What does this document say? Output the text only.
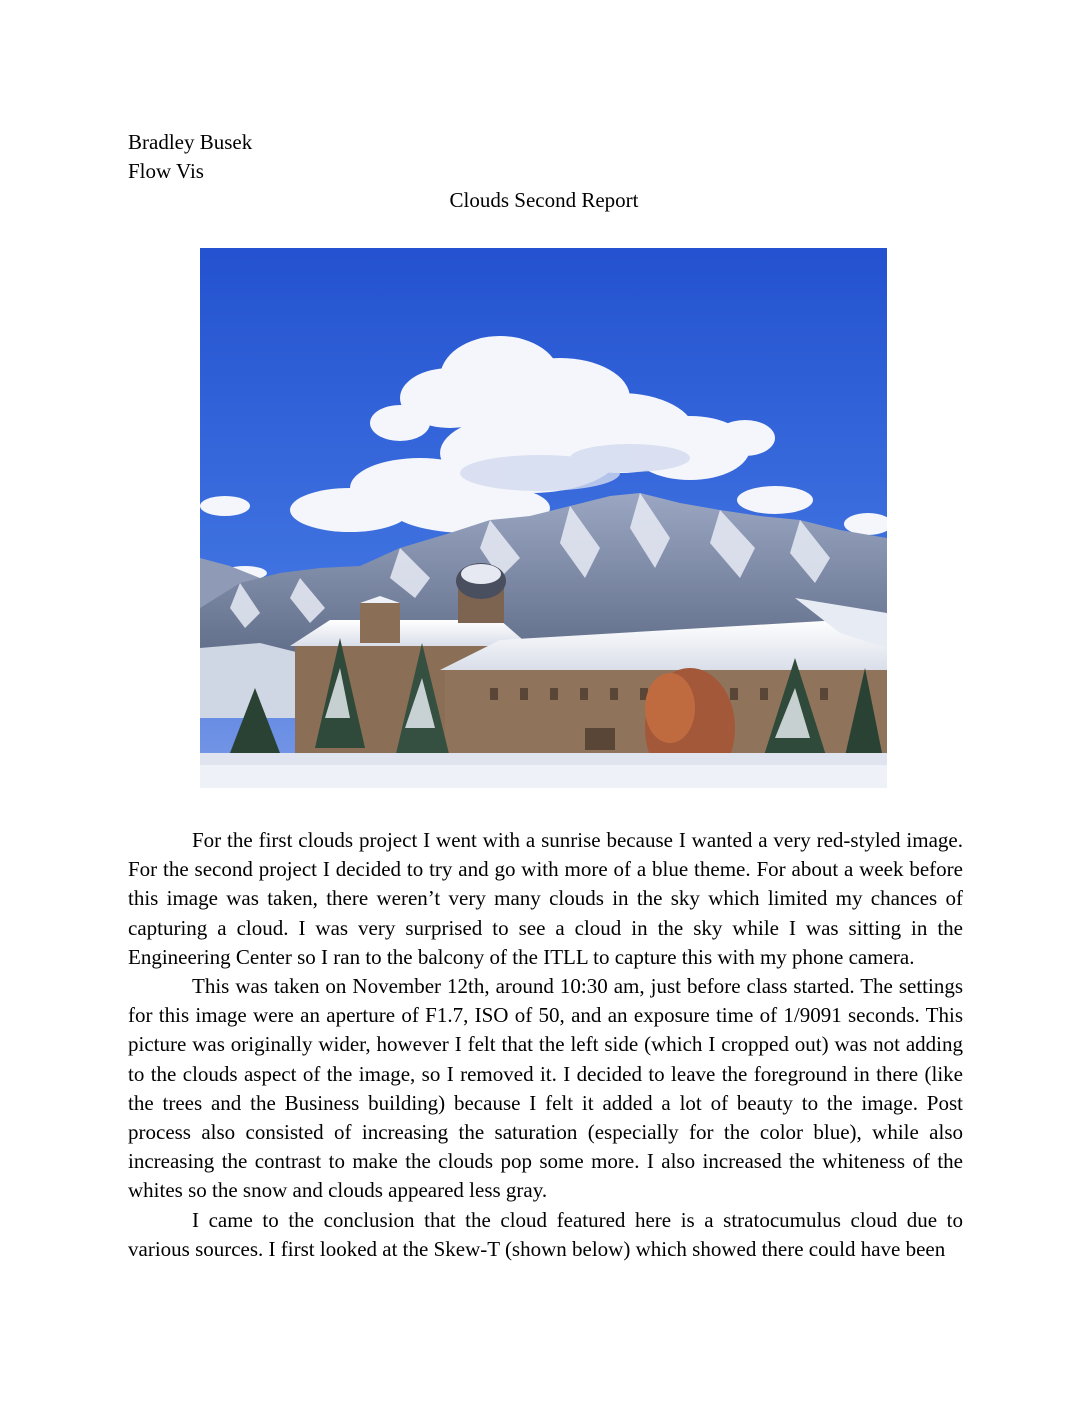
Bradley Busek
Flow Vis
Clouds Second Report

For the first clouds project I went with a sunrise because I wanted a very red-styled image. For the second project I decided to try and go with more of a blue theme. For about a week before this image was taken, there weren’t very many clouds in the sky which limited my chances of capturing a cloud. I was very surprised to see a cloud in the sky while I was sitting in the Engineering Center so I ran to the balcony of the ITLL to capture this with my phone camera.

This was taken on November 12th, around 10:30 am, just before class started. The settings for this image were an aperture of F1.7, ISO of 50, and an exposure time of 1/9091 seconds. This picture was originally wider, however I felt that the left side (which I cropped out) was not adding to the clouds aspect of the image, so I removed it. I decided to leave the foreground in there (like the trees and the Business building) because I felt it added a lot of beauty to the image. Post process also consisted of increasing the saturation (especially for the color blue), while also increasing the contrast to make the clouds pop some more. I also increased the whiteness of the whites so the snow and clouds appeared less gray.

I came to the conclusion that the cloud featured here is a stratocumulus cloud due to various sources. I first looked at the Skew-T (shown below) which showed there could have been
